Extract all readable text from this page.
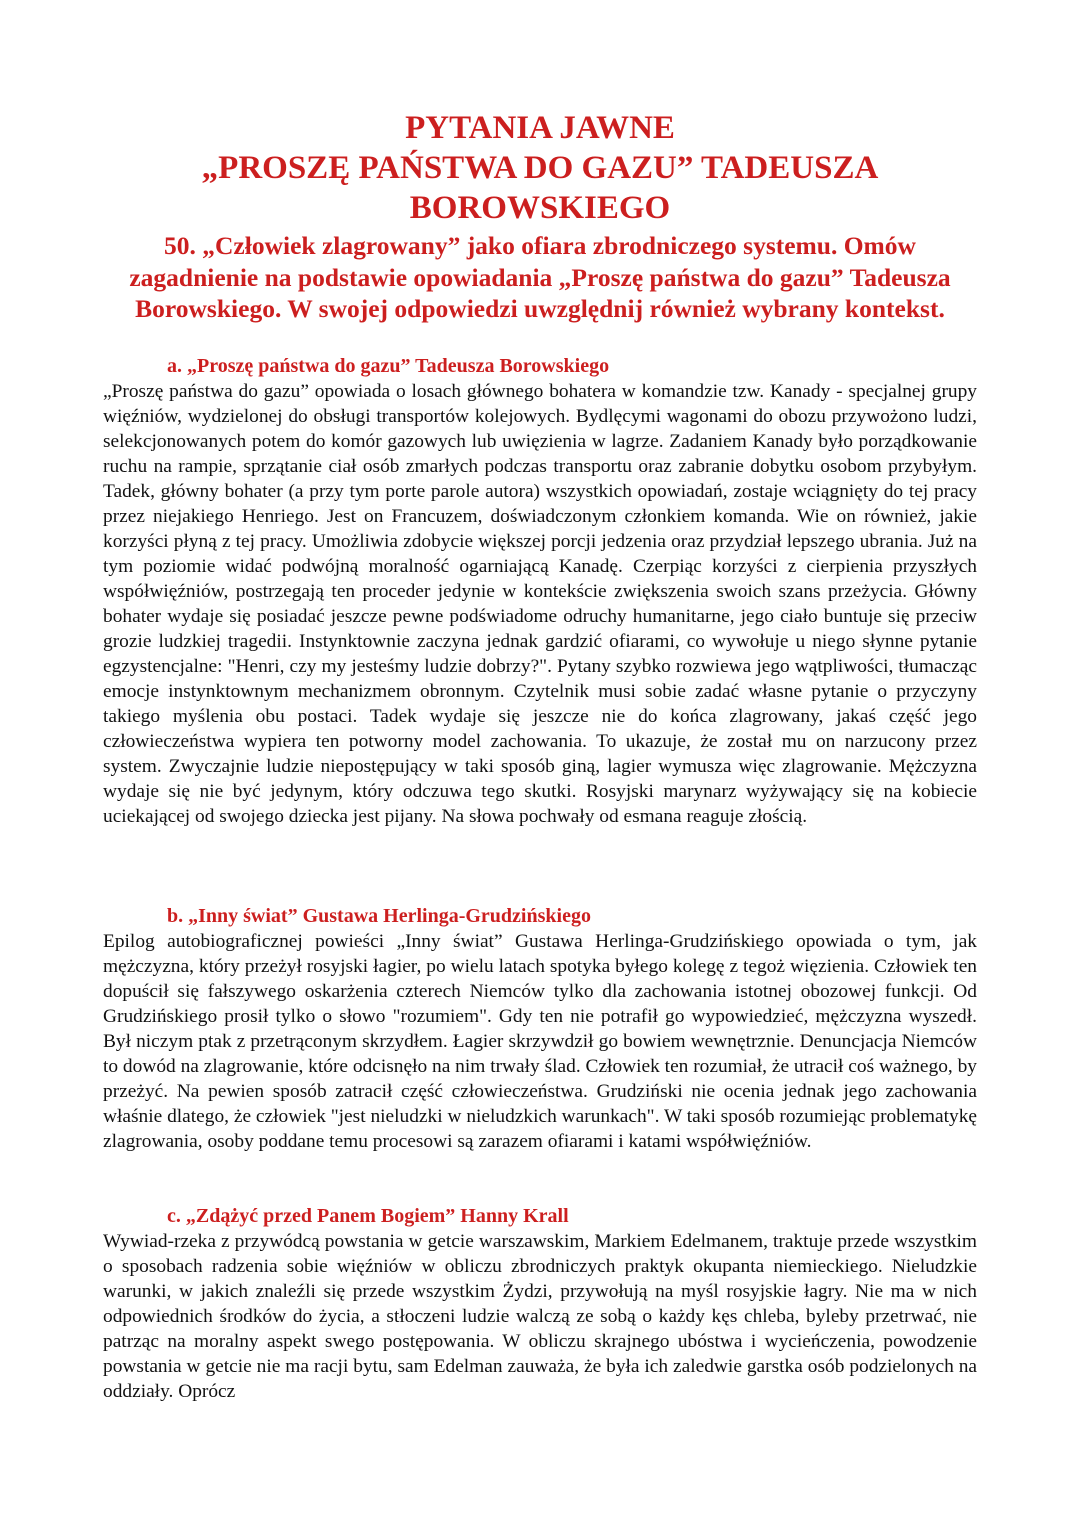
PYTANIA JAWNE
„PROSZĘ PAŃSTWA DO GAZU” TADEUSZA
BOROWSKIEGO
50. „Człowiek zlagrowany” jako ofiara zbrodniczego systemu. Omów zagadnienie na podstawie opowiadania „Proszę państwa do gazu” Tadeusza Borowskiego. W swojej odpowiedzi uwzględnij również wybrany kontekst.
a. „Proszę państwa do gazu” Tadeusza Borowskiego

„Proszę państwa do gazu” opowiada o losach głównego bohatera w komandzie tzw. Kanady - specjalnej grupy więźniów, wydzielonej do obsługi transportów kolejowych. Bydlęcymi wagonami do obozu przywożono ludzi, selekcjonowanych potem do komór gazowych lub uwięzienia w lagrze. Zadaniem Kanady było porządkowanie ruchu na rampie, sprzątanie ciał osób zmarłych podczas transportu oraz zabranie dobytku osobom przybyłym. Tadek, główny bohater (a przy tym porte parole autora) wszystkich opowiadań, zostaje wciągnięty do tej pracy przez niejakiego Henriego. Jest on Francuzem, doświadczonym członkiem komanda. Wie on również, jakie korzyści płyną z tej pracy. Umożliwia zdobycie większej porcji jedzenia oraz przydział lepszego ubrania. Już na tym poziomie widać podwójną moralność ogarniającą Kanadę. Czerpiąc korzyści z cierpienia przyszłych współwięźniów, postrzegają ten proceder jedynie w kontekście zwiększenia swoich szans przeżycia. Główny bohater wydaje się posiadać jeszcze pewne podświadome odruchy humanitarne, jego ciało buntuje się przeciw grozie ludzkiej tragedii. Instynktownie zaczyna jednak gardzić ofiarami, co wywołuje u niego słynne pytanie egzystencjalne: "Henri, czy my jesteśmy ludzie dobrzy?". Pytany szybko rozwiewa jego wątpliwości, tłumacząc emocje instynktownym mechanizmem obronnym. Czytelnik musi sobie zadać własne pytanie o przyczyny takiego myślenia obu postaci. Tadek wydaje się jeszcze nie do końca zlagrowany, jakaś część jego człowieczeństwa wypiera ten potworny model zachowania. To ukazuje, że został mu on narzucony przez system. Zwyczajnie ludzie niepostępujący w taki sposób giną, lagier wymusza więc zlagrowanie. Mężczyzna wydaje się nie być jedynym, który odczuwa tego skutki. Rosyjski marynarz wyżywający się na kobiecie uciekającej od swojego dziecka jest pijany. Na słowa pochwały od esmana reaguje złością.

b. „Inny świat” Gustawa Herlinga-Grudzińskiego

Epilog autobiograficznej powieści „Inny świat” Gustawa Herlinga-Grudzińskiego opowiada o tym, jak mężczyzna, który przeżył rosyjski łagier, po wielu latach spotyka byłego kolegę z tegoż więzienia. Człowiek ten dopuścił się fałszywego oskarżenia czterech Niemców tylko dla zachowania istotnej obozowej funkcji. Od Grudzińskiego prosił tylko o słowo "rozumiem". Gdy ten nie potrafił go wypowiedzieć, mężczyzna wyszedł. Był niczym ptak z przetrąconym skrzydłem. Łagier skrzywdził go bowiem wewnętrznie. Denuncjacja Niemców to dowód na zlagrowanie, które odcisnęło na nim trwały ślad. Człowiek ten rozumiał, że utracił coś ważnego, by przeżyć. Na pewien sposób zatracił część człowieczeństwa. Grudziński nie ocenia jednak jego zachowania właśnie dlatego, że człowiek "jest nieludzki w nieludzkich warunkach". W taki sposób rozumiejąc problematykę zlagrowania, osoby poddane temu procesowi są zarazem ofiarami i katami współwięźniów.

c. „Zdążyć przed Panem Bogiem” Hanny Krall

Wywiad-rzeka z przywódcą powstania w getcie warszawskim, Markiem Edelmanem, traktuje przede wszystkim o sposobach radzenia sobie więźniów w obliczu zbrodniczych praktyk okupanta niemieckiego. Nieludzkie warunki, w jakich znaleźli się przede wszystkim Żydzi, przywołują na myśl rosyjskie łagry. Nie ma w nich odpowiednich środków do życia, a stłoczeni ludzie walczą ze sobą o każdy kęs chleba, byleby przetrwać, nie patrząc na moralny aspekt swego postępowania. W obliczu skrajnego ubóstwa i wycieńczenia, powodzenie powstania w getcie nie ma racji bytu, sam Edelman zauważa, że była ich zaledwie garstka osób podzielonych na oddziały. Oprócz
